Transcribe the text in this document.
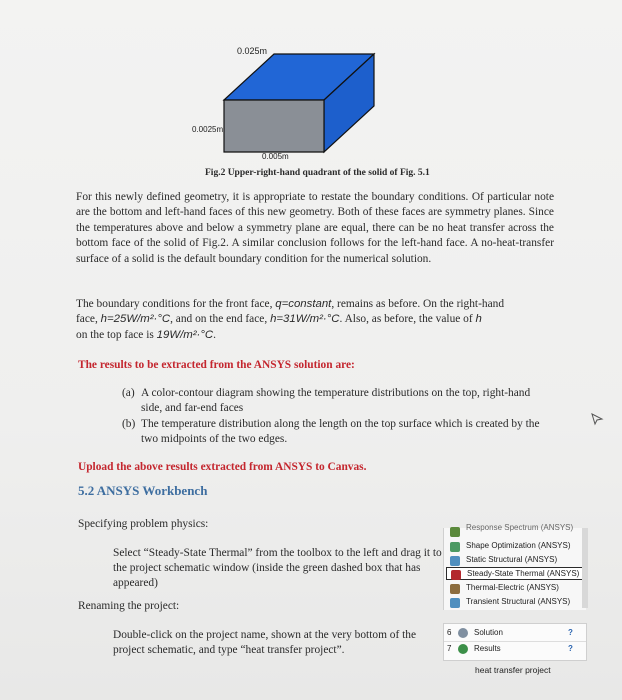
0.025m
0.0025m
0.005m
Fig.2 Upper-right-hand quadrant of the solid of Fig. 5.1
For this newly defined geometry, it is appropriate to restate the boundary conditions. Of particular note are the bottom and left-hand faces of this new geometry. Both of these faces are symmetry planes. Since the temperatures above and below a symmetry plane are equal, there can be no heat transfer across the bottom face of the solid of Fig.2. A similar conclusion follows for the left-hand face. A no-heat-transfer surface of a solid is the default boundary condition for the numerical solution.
The boundary conditions for the front face, q=constant, remains as before. On the right-hand
face, h=25W/m²·°C, and on the end face, h=31W/m²·°C. Also, as before, the value of h
on the top face is 19W/m²·°C.
The results to be extracted from the ANSYS solution are:
(a) A color-contour diagram showing the temperature distributions on the top, right-hand side, and far-end faces
(b) The temperature distribution along the length on the top surface which is created by the two midpoints of the two edges.
Upload the above results extracted from ANSYS to Canvas.
5.2 ANSYS Workbench
Specifying problem physics:
Select “Steady-State Thermal” from the toolbox to the left and drag it to the project schematic window (inside the green dashed box that has appeared)
Renaming the project:
Double-click on the project name, shown at the very bottom of the project schematic, and type “heat transfer project”.
Response Spectrum (ANSYS)
Shape Optimization (ANSYS)
Static Structural (ANSYS)
Steady-State Thermal (ANSYS)
Thermal-Electric (ANSYS)
Transient Structural (ANSYS)
6	Solution	?
7	Results	?
heat transfer project
